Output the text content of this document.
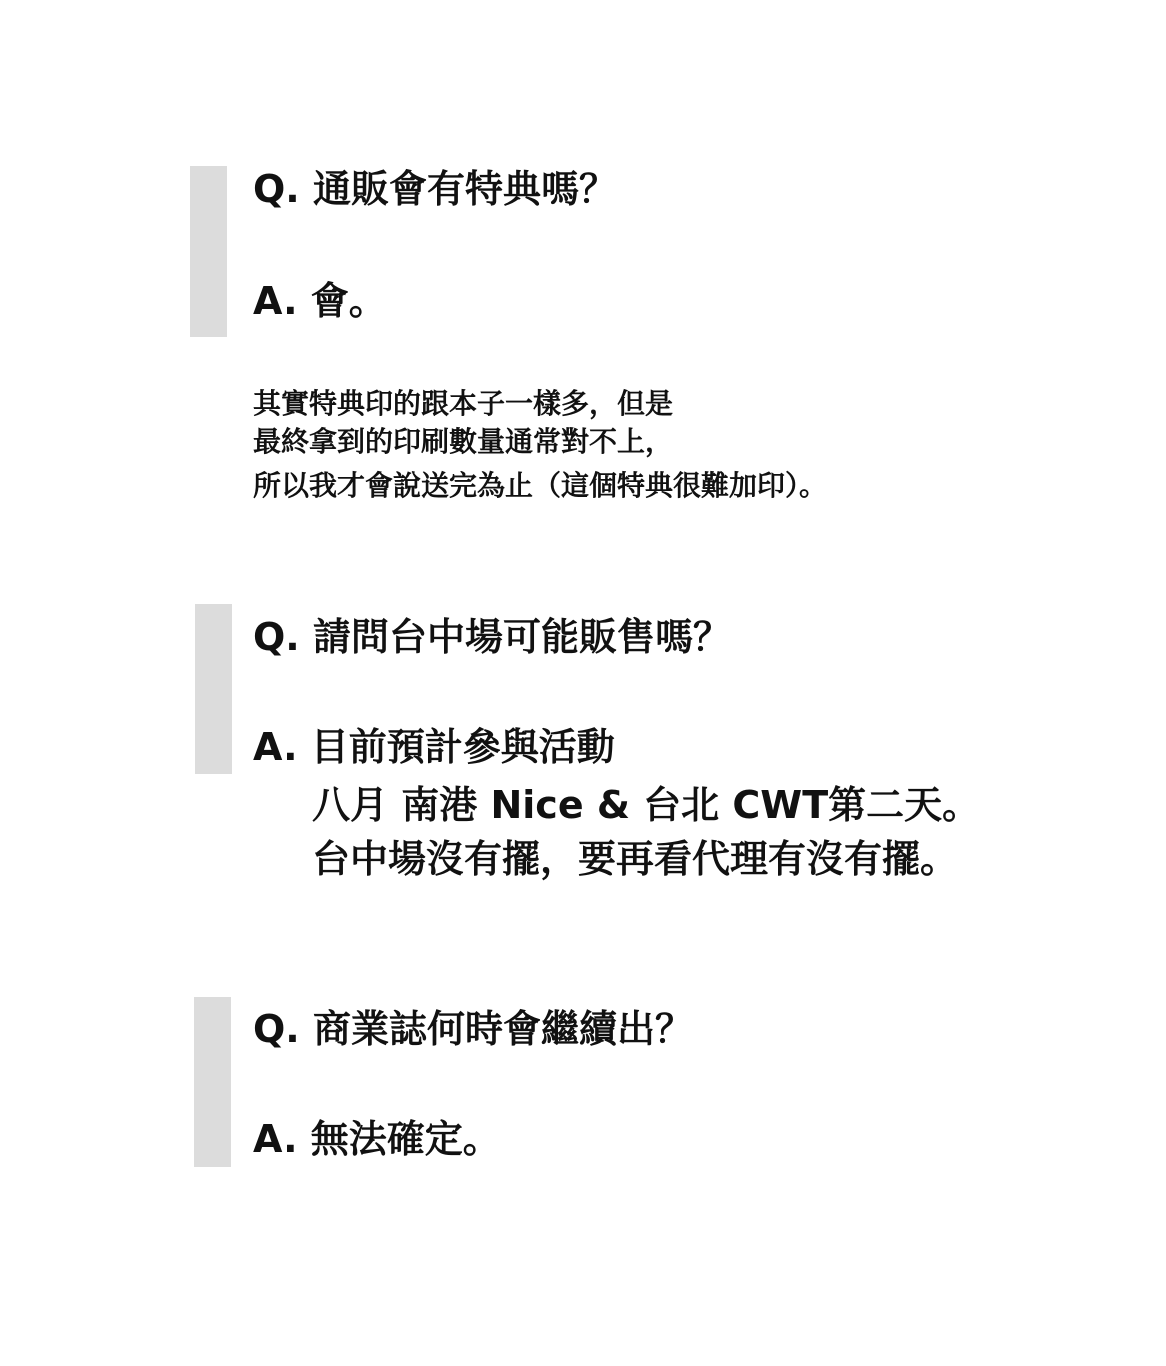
Q. 通販會有特典嗎？
A. 會。
其實特典印的跟本子一樣多，但是
最終拿到的印刷數量通常對不上，
所以我才會說送完為止（這個特典很難加印）。
Q. 請問台中場可能販售嗎？
A. 目前預計參與活動
八月 南港 Nice & 台北 CWT第二天。
台中場沒有擺，要再看代理有沒有擺。
Q. 商業誌何時會繼續出？
A. 無法確定。
